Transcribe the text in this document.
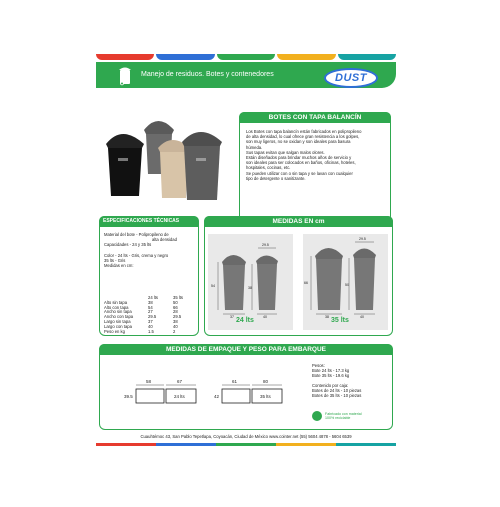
Manejo de residuos. Botes y contenedores	DUST
BOTES CON TAPA BALANCÍN
Los Botes con tapa balancín están fabricados en polipropileno
de alta densidad, lo cual ofrece gran resistencia a los golpes,
son muy ligeros, no se oxidan y son ideales para basura
húmeda.
Sus tapas evitan que salgan malos olores.
Están diseñados para brindar muchos años de servicio y
son ideales para ser colocados en baños, oficinas, hoteles,
hospitales, cocinas, etc.
Se pueden utilizar con o sin tapa y se lavan con cualquier
tipo de detergente o sanitizante.
ESPECIFICACIONES TÉCNICAS
Material del bote - Polipropileno de
alta densidad
Capacidades - 24 y 35 lts
Color - 24 lts - Gris, crema y negro
35 lts - Gris
Medidas en cm:
	24 lts	35 lts
Alto sin tapa	38	50
Alto con tapa	54	66
Ancho sin tapa	27	28
Ancho con tapa	29.5	29.5
Largo sin tapa	37	38
Largo con tapa	40	40
Peso en kg	1.5	2
MEDIDAS EN cm
29.5
54	38
37	40
24 lts
29.5
66	50
38	40
35 lts
MEDIDAS DE EMPAQUE Y PESO PARA EMBARQUE
58	67
39.5	24 lts
61	80
42	35 lts
Pesos:
Bote 24 lts - 17.3 kg
Bote 35 lts - 19.6 kg
Contenido por caja:
Botes de 24 lts - 10 piezas
Botes de 35 lts - 10 piezas
Fabricado con material
100% reciclable
Cuauhtémoc 43, San Pablo Tepetlapa, Coyoacán, Ciudad de México www.cointer.net (55) 5604 4878 - 5604 6539
